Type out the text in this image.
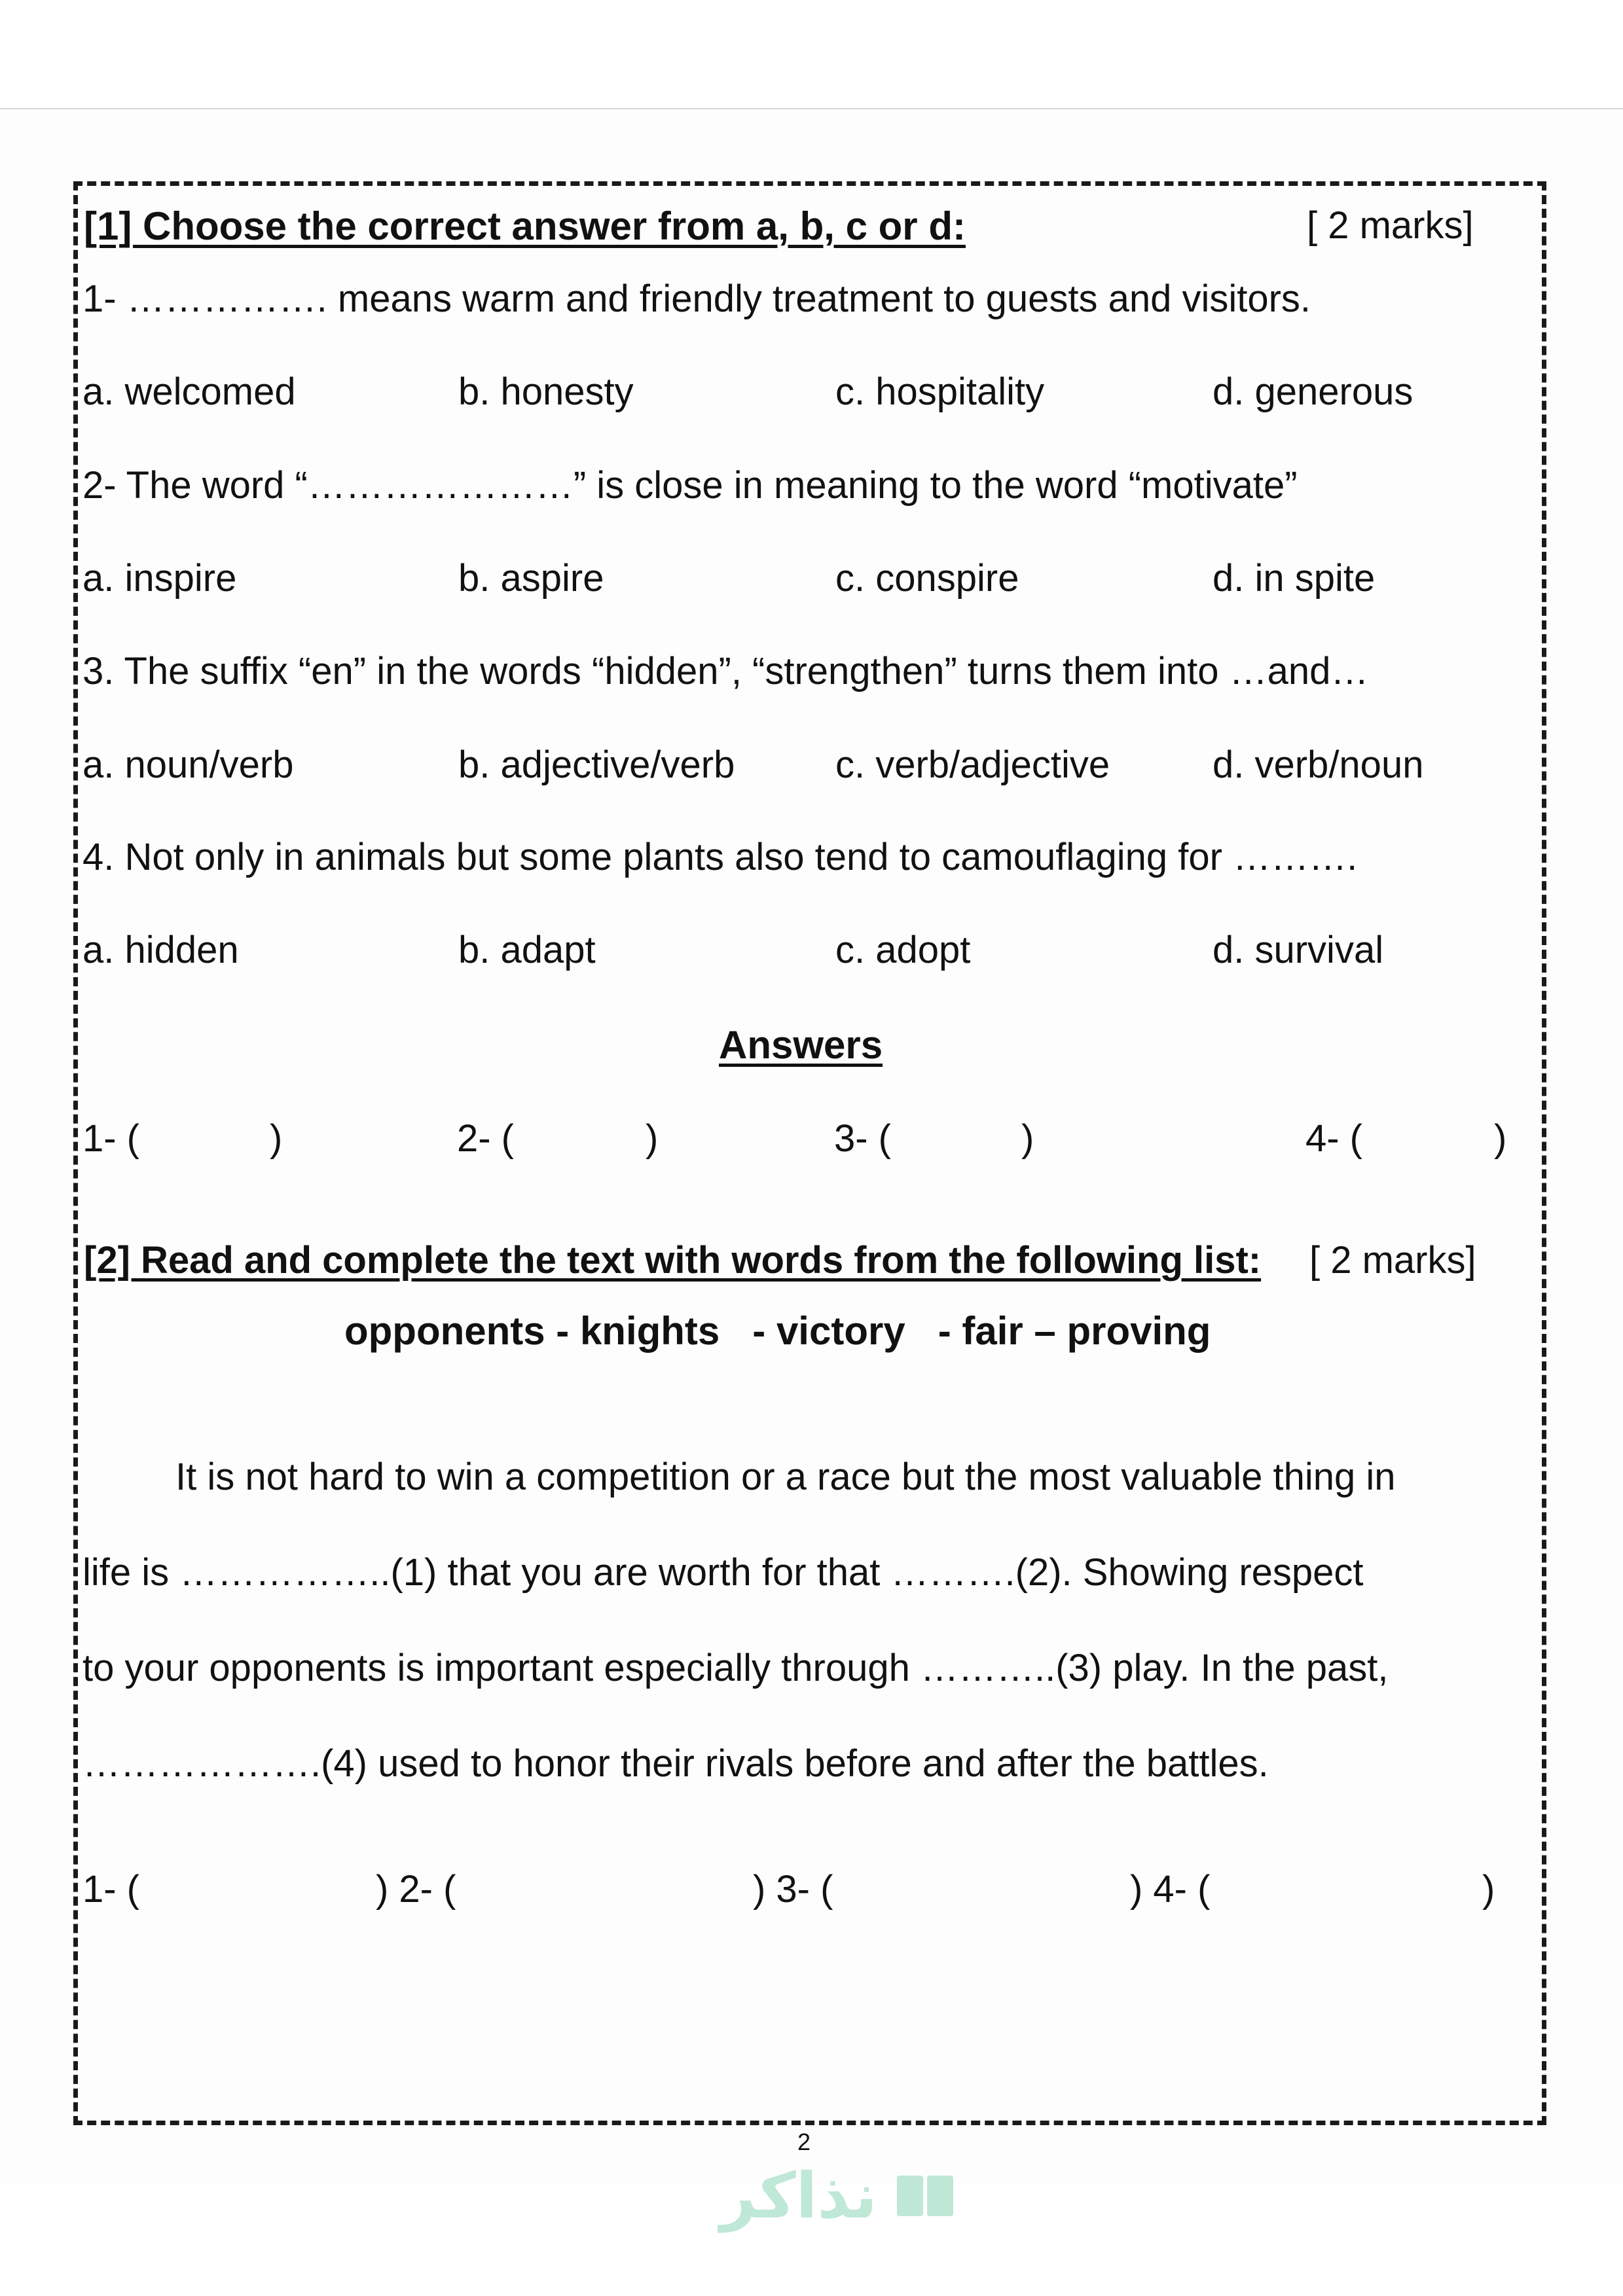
[1] Choose the correct answer from a, b, c or d:	[ 2 marks]
1- ……………. means warm and friendly treatment to guests and visitors.
a. welcomed	b. honesty	c. hospitality	d. generous
2- The word “…………………” is close in meaning to the word “motivate”
a. inspire	b. aspire	c. conspire	d. in spite
3. The suffix “en” in the words “hidden”, “strengthen” turns them into …and…
a. noun/verb	b. adjective/verb	c. verb/adjective	d. verb/noun
4. Not only in animals but some plants also tend to camouflaging for ……….
a. hidden	b. adapt	c. adopt	d. survival
Answers
1- (	)	2- (	)	3- (	)	4- (	)
[2] Read and complete the text with words from the following list: [ 2 marks]
opponents - knights   - victory   - fair – proving
It is not hard to win a competition or a race but the most valuable thing in
life is ……………..(1) that you are worth for that ……….(2). Showing respect
to your opponents is important especially through ………..(3) play. In the past,
……………….(4) used to honor their rivals before and after the battles.
1- (	) 2- (	) 3- (	) 4- (	)
2
نذاكر
